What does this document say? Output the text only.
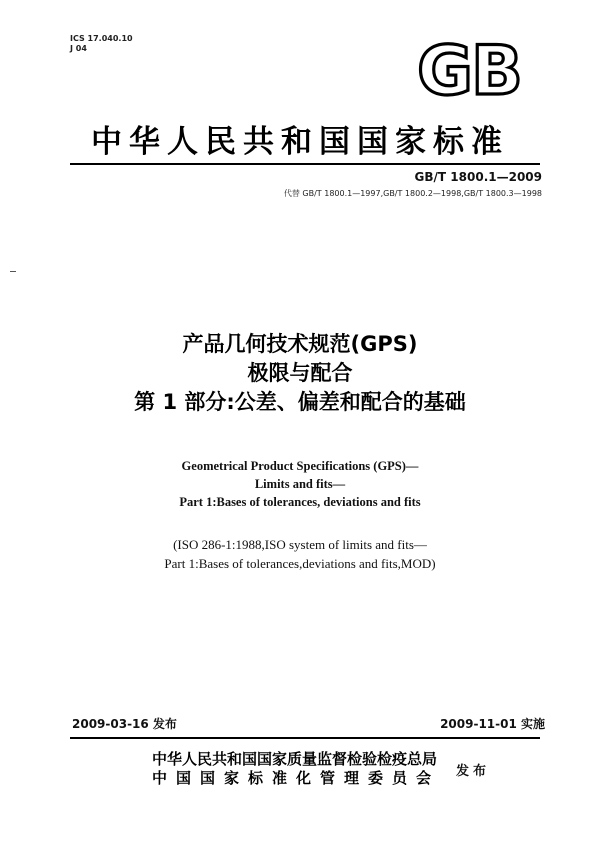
ICS 17.040.10
J 04	GB
中华人民共和国国家标准
GB/T 1800.1—2009
代替 GB/T 1800.1—1997,GB/T 1800.2—1998,GB/T 1800.3—1998
产品几何技术规范(GPS)
极限与配合
第 1 部分:公差、偏差和配合的基础
Geometrical Product Specifications (GPS)—
Limits and fits—
Part 1:Bases of tolerances, deviations and fits
(ISO 286-1:1988,ISO system of limits and fits—
Part 1:Bases of tolerances,deviations and fits,MOD)
2009-03-16 发布	2009-11-01 实施
中华人民共和国国家质量监督检验检疫总局
中国国家标准化管理委员会 发布
